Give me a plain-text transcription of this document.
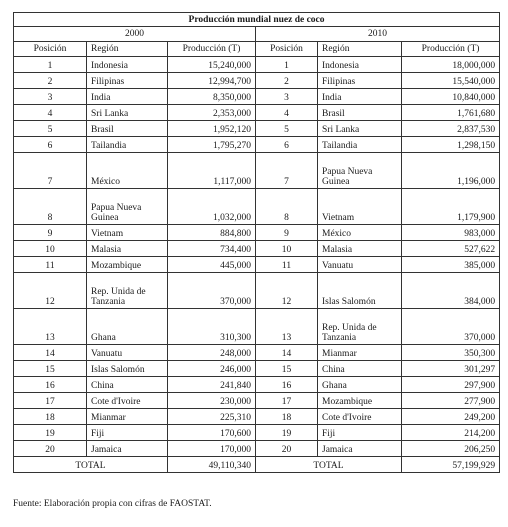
Producción mundial nuez de coco					
2000			2010		
Posición	Región	Producción (T)	Posición	Región	Producción (T)
1	Indonesia	15,240,000	1	Indonesia	18,000,000
2	Filipinas	12,994,700	2	Filipinas	15,540,000
3	India	8,350,000	3	India	10,840,000
4	Sri Lanka	2,353,000	4	Brasil	1,761,680
5	Brasil	1,952,120	5	Sri Lanka	2,837,530
6	Tailandia	1,795,270	6	Tailandia	1,298,150
7	México	1,117,000	7	Papua Nueva Guinea	1,196,000
8	Papua Nueva Guinea	1,032,000	8	Vietnam	1,179,900
9	Vietnam	884,800	9	México	983,000
10	Malasia	734,400	10	Malasia	527,622
11	Mozambique	445,000	11	Vanuatu	385,000
12	Rep. Unida de Tanzania	370,000	12	Islas Salomón	384,000
13	Ghana	310,300	13	Rep. Unida de Tanzania	370,000
14	Vanuatu	248,000	14	Mianmar	350,300
15	Islas Salomón	246,000	15	China	301,297
16	China	241,840	16	Ghana	297,900
17	Cote d'Ivoire	230,000	17	Mozambique	277,900
18	Mianmar	225,310	18	Cote d'Ivoire	249,200
19	Fiji	170,600	19	Fiji	214,200
20	Jamaica	170,000	20	Jamaica	206,250
TOTAL		49,110,340	TOTAL		57,199,929
Fuente: Elaboración propia con cifras de FAOSTAT.
